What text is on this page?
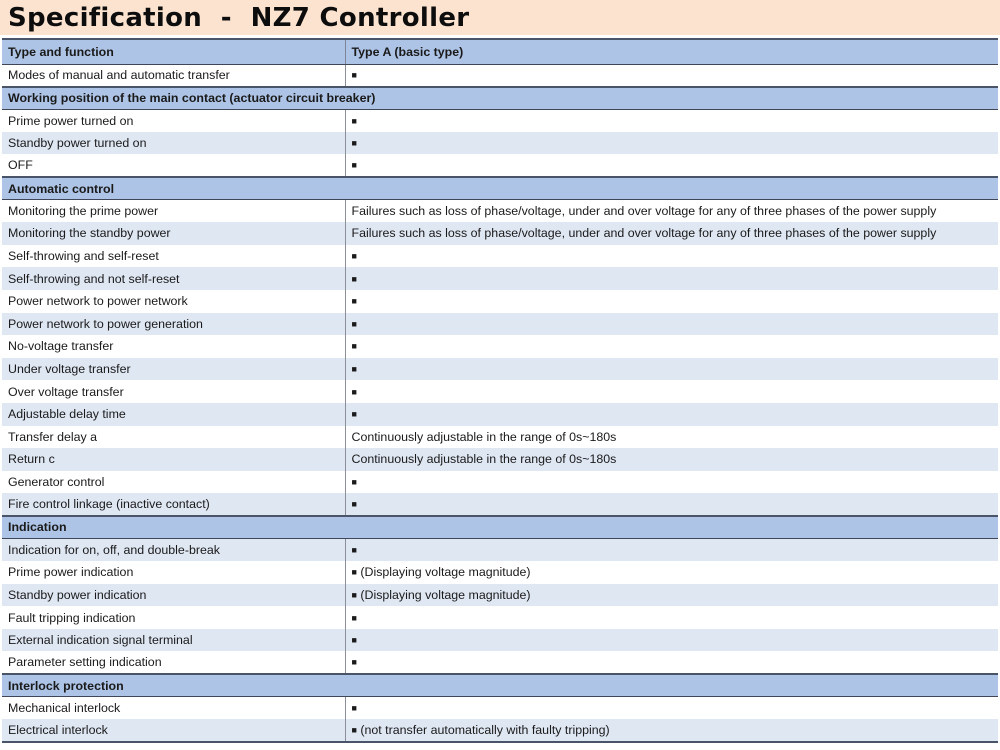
Specification  -  NZ7 Controller
Type and function	Type A (basic type)
Modes of manual and automatic transfer	■
Working position of the main contact (actuator circuit breaker)	
Prime power turned on	■
Standby power turned on	■
OFF	■
Automatic control	
Monitoring the prime power	Failures such as loss of phase/voltage, under and over voltage for any of three phases of the power supply
Monitoring the standby power	Failures such as loss of phase/voltage, under and over voltage for any of three phases of the power supply
Self-throwing and self-reset	■
Self-throwing and not self-reset	■
Power network to power network	■
Power network to power generation	■
No-voltage transfer	■
Under voltage transfer	■
Over voltage transfer	■
Adjustable delay time	■
Transfer delay a	Continuously adjustable in the range of 0s~180s
Return c	Continuously adjustable in the range of 0s~180s
Generator control	■
Fire control linkage (inactive contact)	■
Indication	
Indication for on, off, and double-break	■
Prime power indication	■ (Displaying voltage magnitude)
Standby power indication	■ (Displaying voltage magnitude)
Fault tripping indication	■
External indication signal terminal	■
Parameter setting indication	■
Interlock protection	
Mechanical interlock	■
Electrical interlock	■ (not transfer automatically with faulty tripping)
